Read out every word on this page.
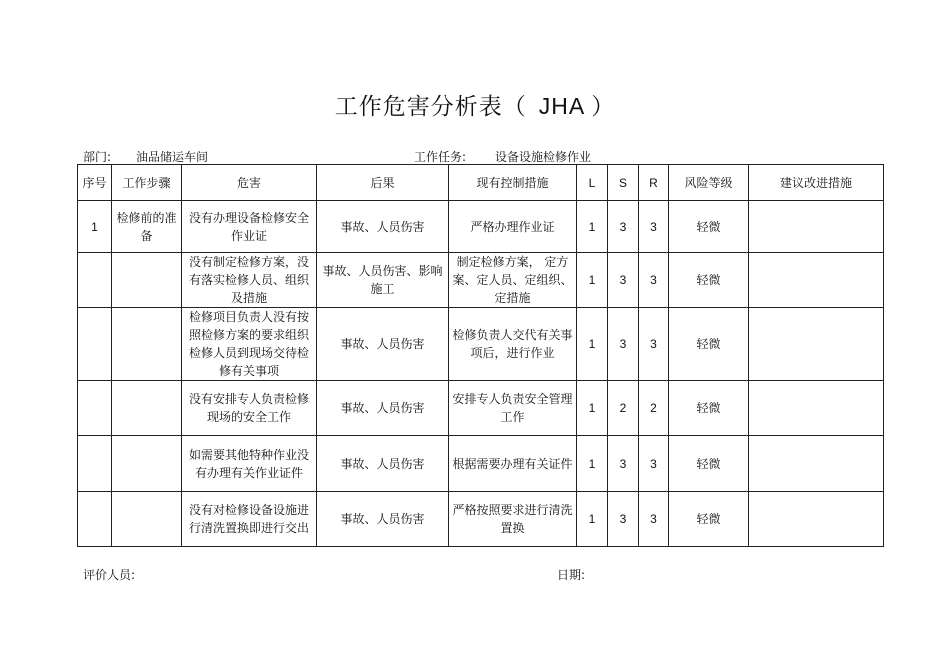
工作危害分析表（ JHA ）
部门: 油品储运车间	工作任务: 设备设施检修作业
序号	工作步骤	危害	后果	现有控制措施	L	S	R	风险等级	建议改进措施
1	检修前的准备	没有办理设备检修安全作业证	事故、人员伤害	严格办理作业证	1	3	3	轻微	
		没有制定检修方案，没有落实检修人员、组织及措施	事故、人员伤害、影响施工	制定检修方案， 定方案、定人员、定组织、定措施	1	3	3	轻微	
		检修项目负责人没有按照检修方案的要求组织检修人员到现场交待检修有关事项	事故、人员伤害	检修负责人交代有关事项后，进行作业	1	3	3	轻微	
		没有安排专人负责检修现场的安全工作	事故、人员伤害	安排专人负责安全管理工作	1	2	2	轻微	
		如需要其他特种作业没有办理有关作业证件	事故、人员伤害	根据需要办理有关证件	1	3	3	轻微	
		没有对检修设备设施进行清洗置换即进行交出	事故、人员伤害	严格按照要求进行清洗置换	1	3	3	轻微	
评价人员:	日期:
